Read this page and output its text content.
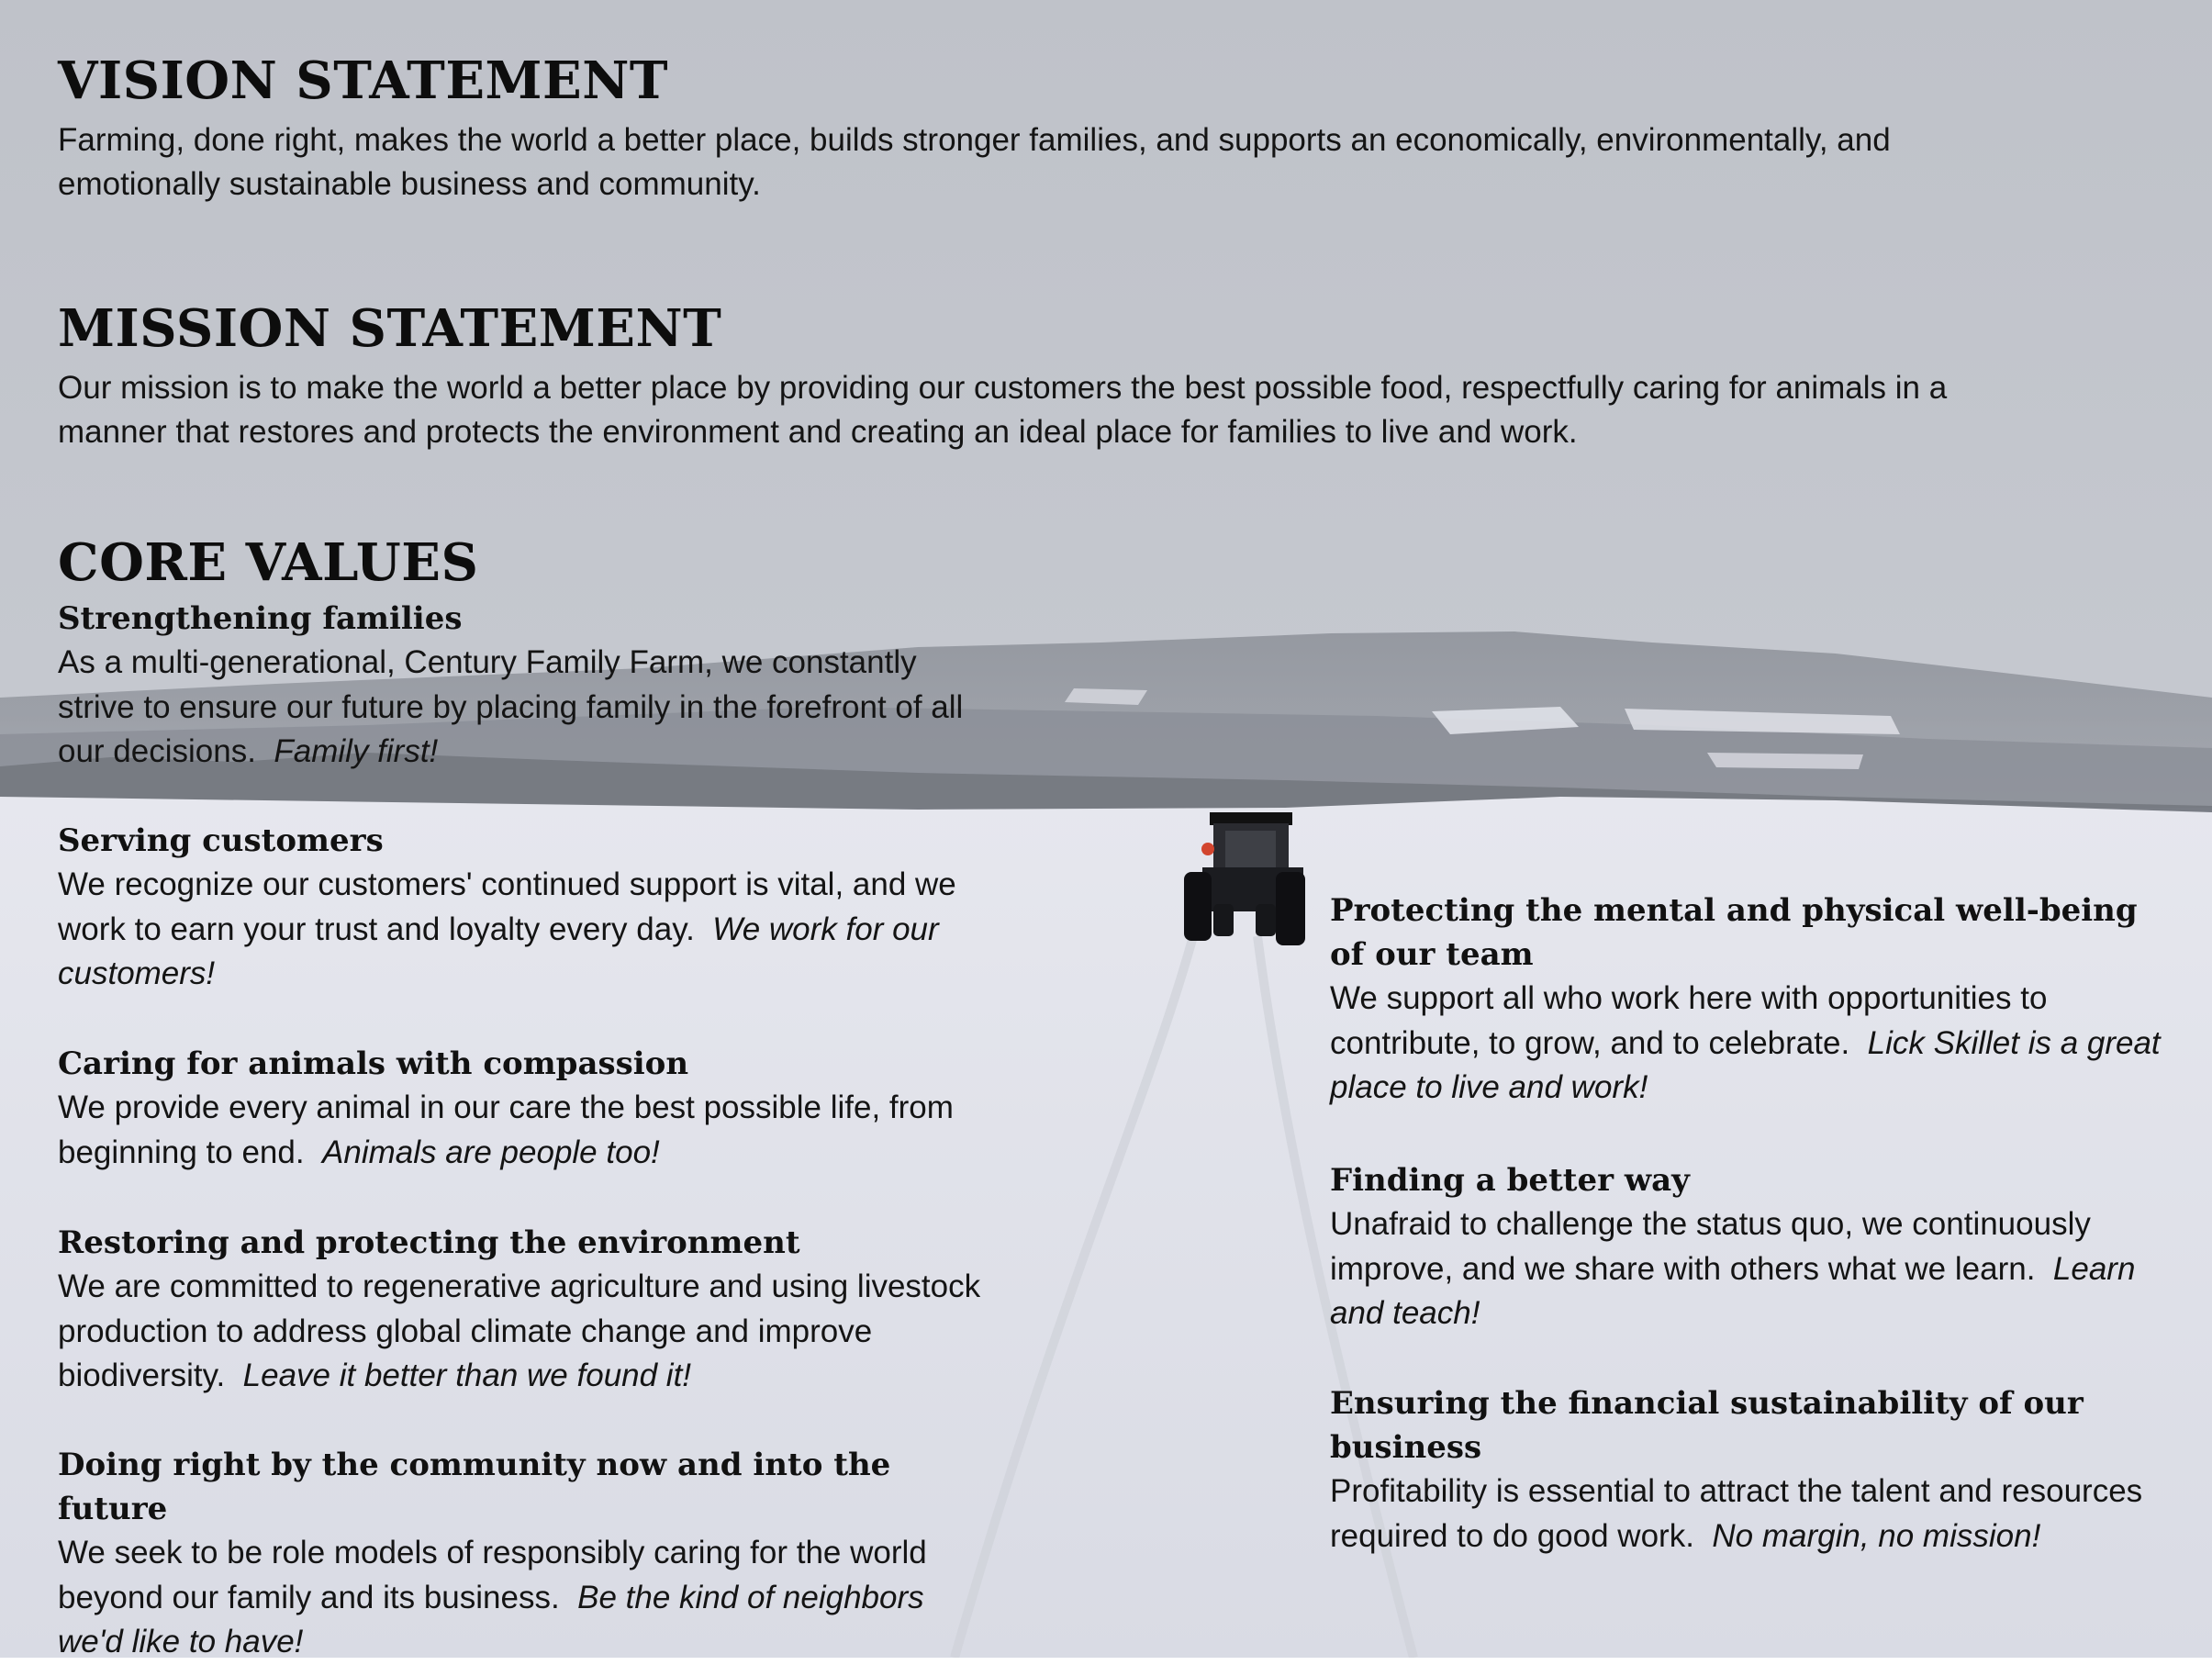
VISION STATEMENT
Farming, done right, makes the world a better place, builds stronger families, and supports an economically, environmentally, and
emotionally sustainable business and community.
MISSION STATEMENT
Our mission is to make the world a better place by providing our customers the best possible food, respectfully caring for animals in a
manner that restores and protects the environment and creating an ideal place for families to live and work.
CORE VALUES
Strengthening families

As a multi-generational, Century Family Farm, we constantly strive to ensure our future by placing family in the forefront of all our decisions. Family first!

Serving customers

We recognize our customers' continued support is vital, and we work to earn your trust and loyalty every day. We work for our customers!

Caring for animals with compassion

We provide every animal in our care the best possible life, from beginning to end. Animals are people too!

Restoring and protecting the environment

We are committed to regenerative agriculture and using livestock production to address global climate change and improve biodiversity. Leave it better than we found it!

Doing right by the community now and into the future

We seek to be role models of responsibly caring for the world beyond our family and its business. Be the kind of neighbors we'd like to have!

Protecting the mental and physical well-being of our team

We support all who work here with opportunities to contribute, to grow, and to celebrate. Lick Skillet is a great place to live and work!

Finding a better way

Unafraid to challenge the status quo, we continuously improve, and we share with others what we learn. Learn and teach!

Ensuring the financial sustainability of our business

Profitability is essential to attract the talent and resources required to do good work. No margin, no mission!
